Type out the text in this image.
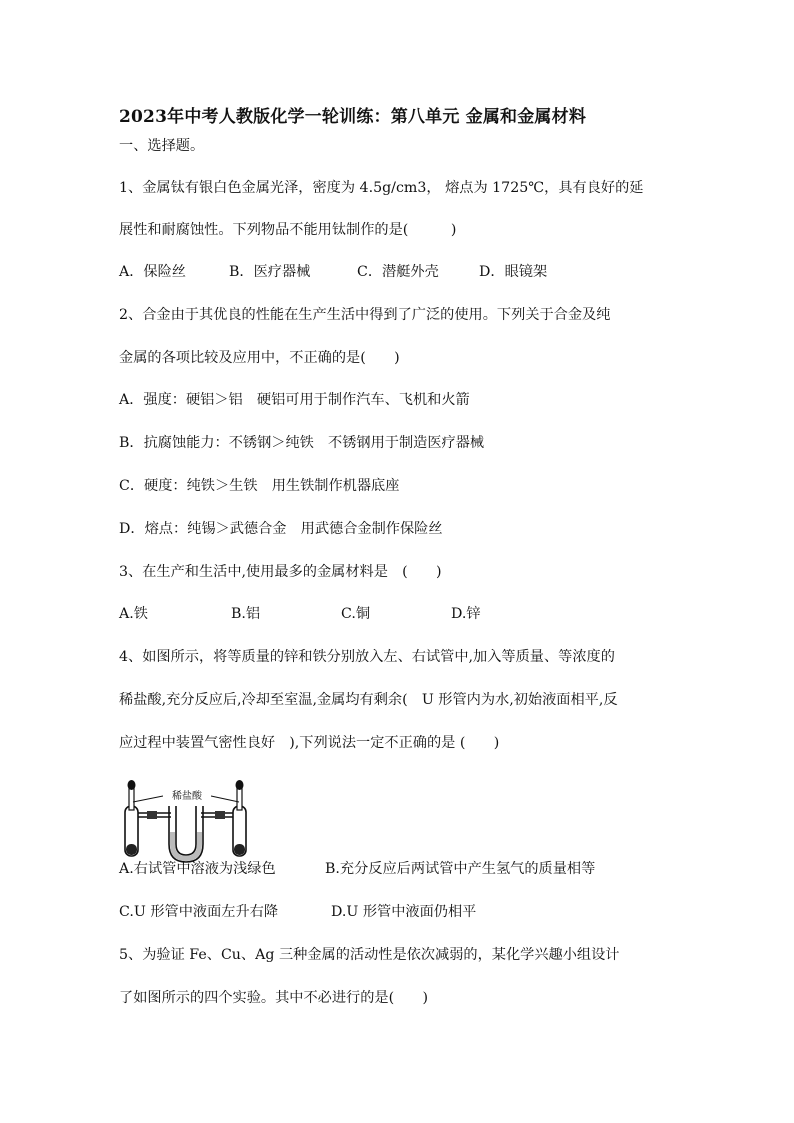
2023年中考人教版化学一轮训练：第八单元 金属和金属材料
一、选择题。
1、金属钛有银白色金属光泽，密度为 4.5g/cm3， 熔点为 1725℃，具有良好的延
展性和耐腐蚀性。下列物品不能用钛制作的是(　　　)
A．保险丝	B．医疗器械	C．潜艇外壳	D．眼镜架
2、合金由于其优良的性能在生产生活中得到了广泛的使用。下列关于合金及纯
金属的各项比较及应用中，不正确的是(　　)
A．强度：硬铝＞铝　硬铝可用于制作汽车、飞机和火箭
B．抗腐蚀能力：不锈钢＞纯铁　不锈钢用于制造医疗器械
C．硬度：纯铁＞生铁　用生铁制作机器底座
D．熔点：纯锡＞武德合金　用武德合金制作保险丝
3、在生产和生活中,使用最多的金属材料是　(　　)
A.铁	B.铝	C.铜	D.锌
4、如图所示，将等质量的锌和铁分别放入左、右试管中,加入等质量、等浓度的
稀盐酸,充分反应后,冷却至室温,金属均有剩余(　U 形管内为水,初始液面相平,反
应过程中装置气密性良好　),下列说法一定不正确的是 (　　)
稀盐酸
A.右试管中溶液为浅绿色	B.充分反应后两试管中产生氢气的质量相等
C.U 形管中液面左升右降	D.U 形管中液面仍相平
5、为验证 Fe、Cu、Ag 三种金属的活动性是依次减弱的，某化学兴趣小组设计
了如图所示的四个实验。其中不必进行的是(　　)
